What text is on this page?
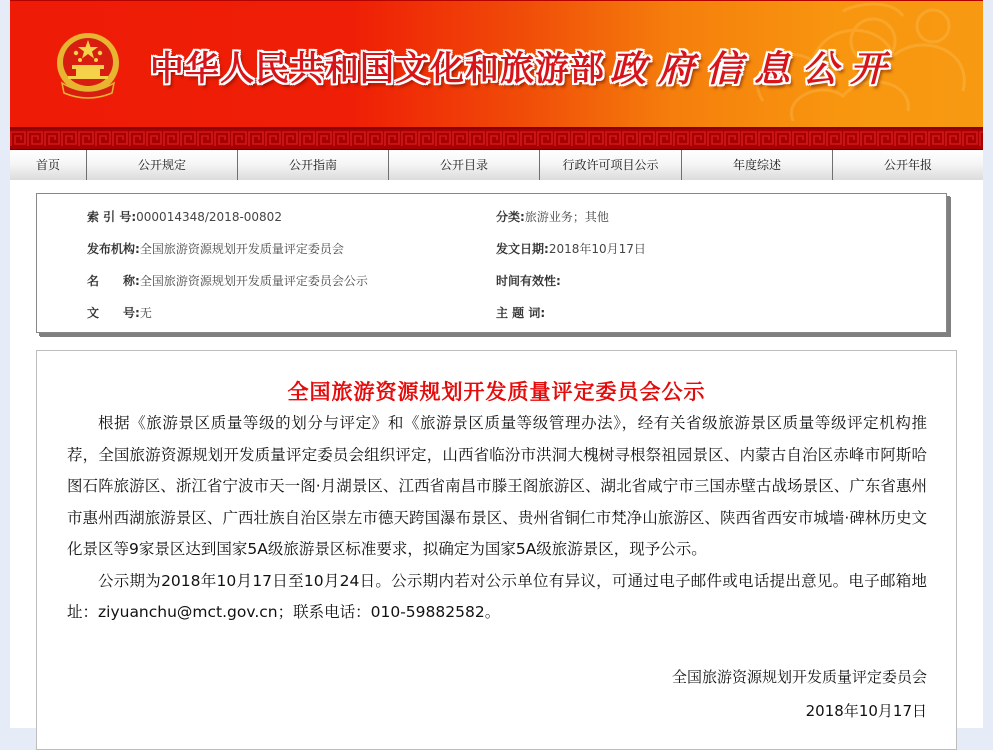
中华人民共和国文化和旅游部 政府信息公开
首页	公开规定	公开指南	公开目录	行政许可项目公示	年度综述	公开年报
索 引 号:000014348/2018-00802	分类:旅游业务；其他
发布机构:全国旅游资源规划开发质量评定委员会	发文日期:2018年10月17日
名　　称:全国旅游资源规划开发质量评定委员会公示	时间有效性:
文　　号:无	主 题 词:
全国旅游资源规划开发质量评定委员会公示

根据《旅游景区质量等级的划分与评定》和《旅游景区质量等级管理办法》，经有关省级旅游景区质量等级评定机构推荐，全国旅游资源规划开发质量评定委员会组织评定，山西省临汾市洪洞大槐树寻根祭祖园景区、内蒙古自治区赤峰市阿斯哈图石阵旅游区、浙江省宁波市天一阁·月湖景区、江西省南昌市滕王阁旅游区、湖北省咸宁市三国赤壁古战场景区、广东省惠州市惠州西湖旅游景区、广西壮族自治区崇左市德天跨国瀑布景区、贵州省铜仁市梵净山旅游区、陕西省西安市城墙·碑林历史文化景区等9家景区达到国家5A级旅游景区标准要求，拟确定为国家5A级旅游景区，现予公示。

公示期为2018年10月17日至10月24日。公示期内若对公示单位有异议，可通过电子邮件或电话提出意见。电子邮箱地址：ziyuanchu@mct.gov.cn；联系电话：010-59882582。

全国旅游资源规划开发质量评定委员会
2018年10月17日
